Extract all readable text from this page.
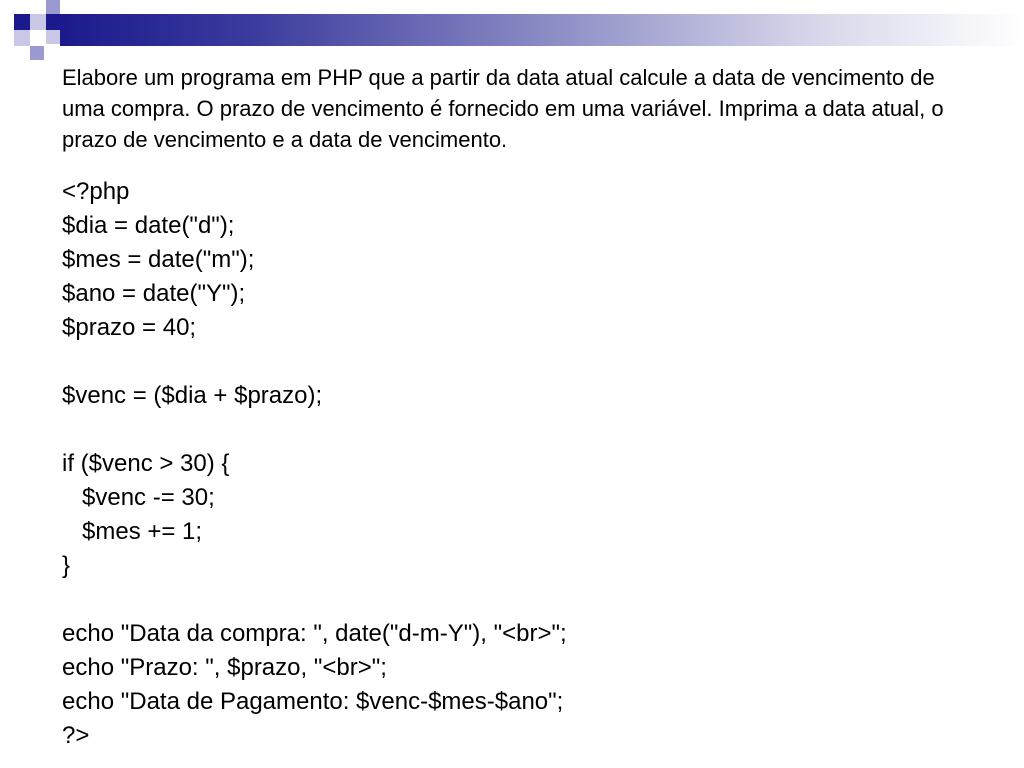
Elabore um programa em PHP que a partir da data atual calcule a data de vencimento de uma compra. O prazo de vencimento é fornecido em uma variável. Imprima a data atual, o prazo de vencimento e a data de vencimento.

<?php
$dia = date("d");
$mes = date("m");
$ano = date("Y");
$prazo = 40;
$venc = ($dia + $prazo);
if ($venc > 30) {
$venc -= 30;
$mes += 1;
}
echo "Data da compra: ", date("d-m-Y"), "<br>";
echo "Prazo: ", $prazo, "<br>";
echo "Data de Pagamento: $venc-$mes-$ano";
?>
